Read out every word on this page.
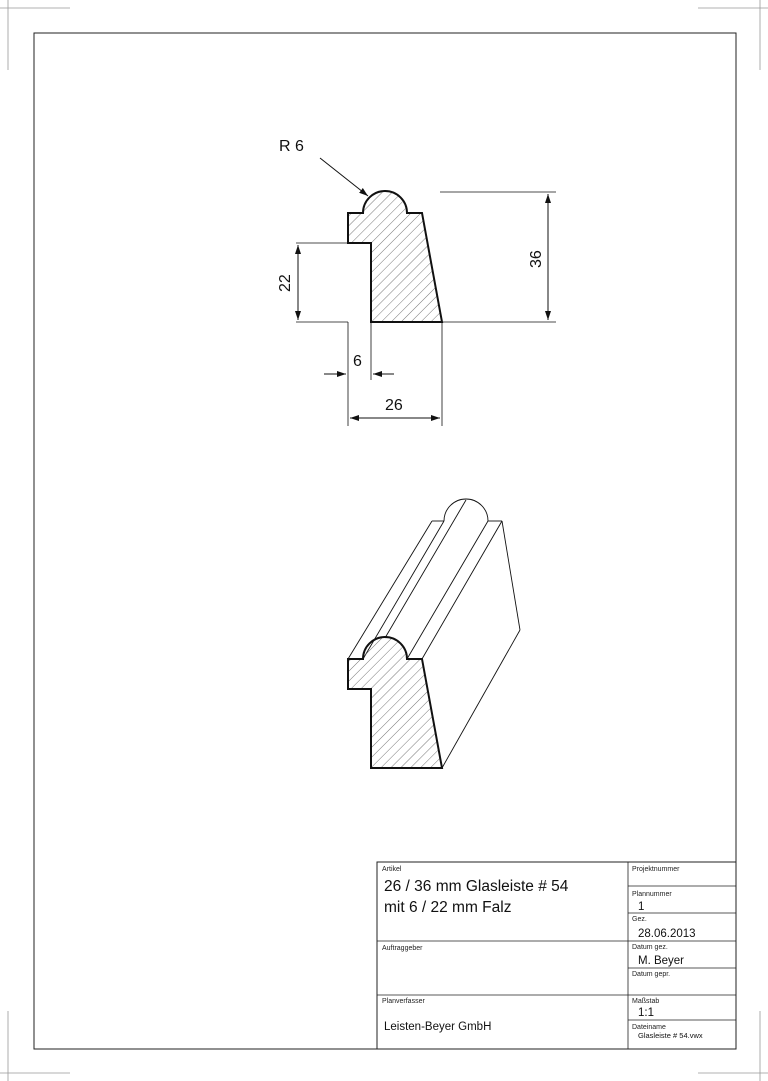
R 6
22
36
6
26
Artikel
26 / 36 mm Glasleiste # 54
mit 6 / 22 mm Falz
Projektnummer
Plannummer
1
Gez.
28.06.2013
Datum gez.
M. Beyer
Datum gepr.
Auftraggeber
Planverfasser
Leisten-Beyer GmbH
Maßstab
1:1
Dateiname
Glasleiste # 54.vwx
